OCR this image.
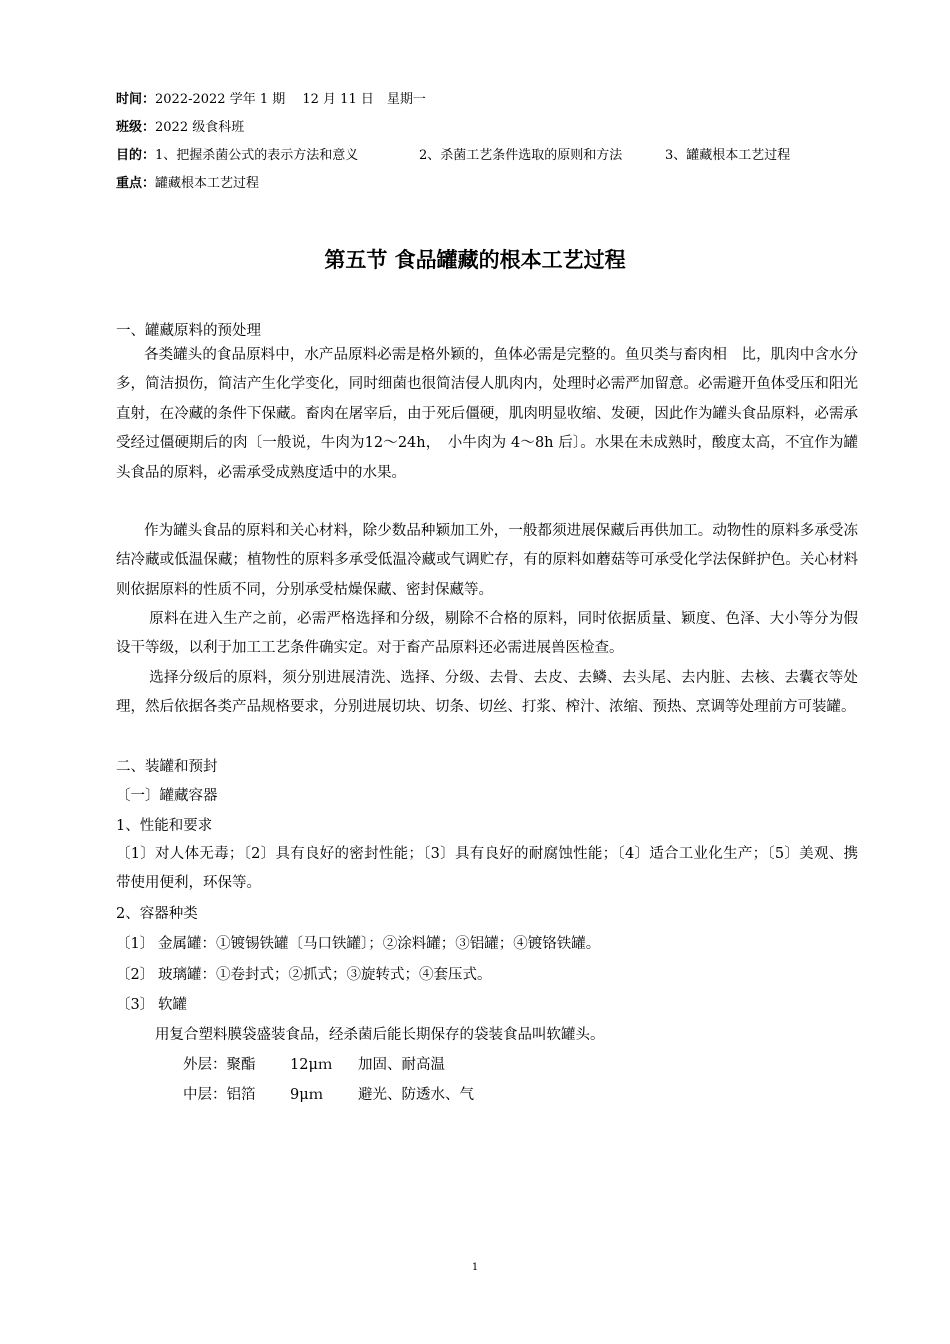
时间：2022-2022 学年 1 期　 12 月 11 日　星期一
班级：2022 级食科班
目的：1、把握杀菌公式的表示方法和意义	2、杀菌工艺条件选取的原则和方法	3、罐藏根本工艺过程
重点：罐藏根本工艺过程
第五节 食品罐藏的根本工艺过程
一、罐藏原料的预处理
各类罐头的食品原料中，水产品原料必需是格外颖的，鱼体必需是完整的。鱼贝类与畜肉相　比，肌肉中含水分多，简洁损伤，简洁产生化学变化，同时细菌也很简洁侵人肌肉内，处理时必需严加留意。必需避开鱼体受压和阳光直射，在冷藏的条件下保藏。畜肉在屠宰后，由于死后僵硬，肌肉明显收缩、发硬，因此作为罐头食品原料，必需承受经过僵硬期后的肉〔一般说，牛肉为12～24h，　小牛肉为 4～8h 后〕。水果在未成熟时，酸度太高，不宜作为罐头食品的原料，必需承受成熟度适中的水果。
作为罐头食品的原料和关心材料，除少数品种颖加工外，一般都须进展保藏后再供加工。动物性的原料多承受冻结冷藏或低温保藏；植物性的原料多承受低温冷藏或气调贮存，有的原料如蘑菇等可承受化学法保鲜护色。关心材料则依据原料的性质不同，分别承受枯燥保藏、密封保藏等。
原料在进入生产之前，必需严格选择和分级，剔除不合格的原料，同时依据质量、颖度、色泽、大小等分为假设干等级，以利于加工工艺条件确实定。对于畜产品原料还必需进展兽医检查。
选择分级后的原料，须分别进展清洗、选择、分级、去骨、去皮、去鳞、去头尾、去内脏、去核、去囊衣等处理，然后依据各类产品规格要求，分别进展切块、切条、切丝、打浆、榨汁、浓缩、预热、烹调等处理前方可装罐。
二、装罐和预封
〔一〕罐藏容器
1、性能和要求
〔1〕对人体无毒；〔2〕具有良好的密封性能；〔3〕具有良好的耐腐蚀性能；〔4〕适合工业化生产；〔5〕美观、携带使用便利，环保等。
2、容器种类
〔1〕 金属罐：①镀锡铁罐〔马口铁罐〕；②涂料罐；③铝罐；④镀铬铁罐。
〔2〕 玻璃罐：①卷封式；②抓式；③旋转式；④套压式。
〔3〕 软罐
用复合塑料膜袋盛装食品，经杀菌后能长期保存的袋装食品叫软罐头。
外层：聚酯 12μｍ 加固、耐高温
中层：铝箔 9μｍ 避光、防透水、气
1
